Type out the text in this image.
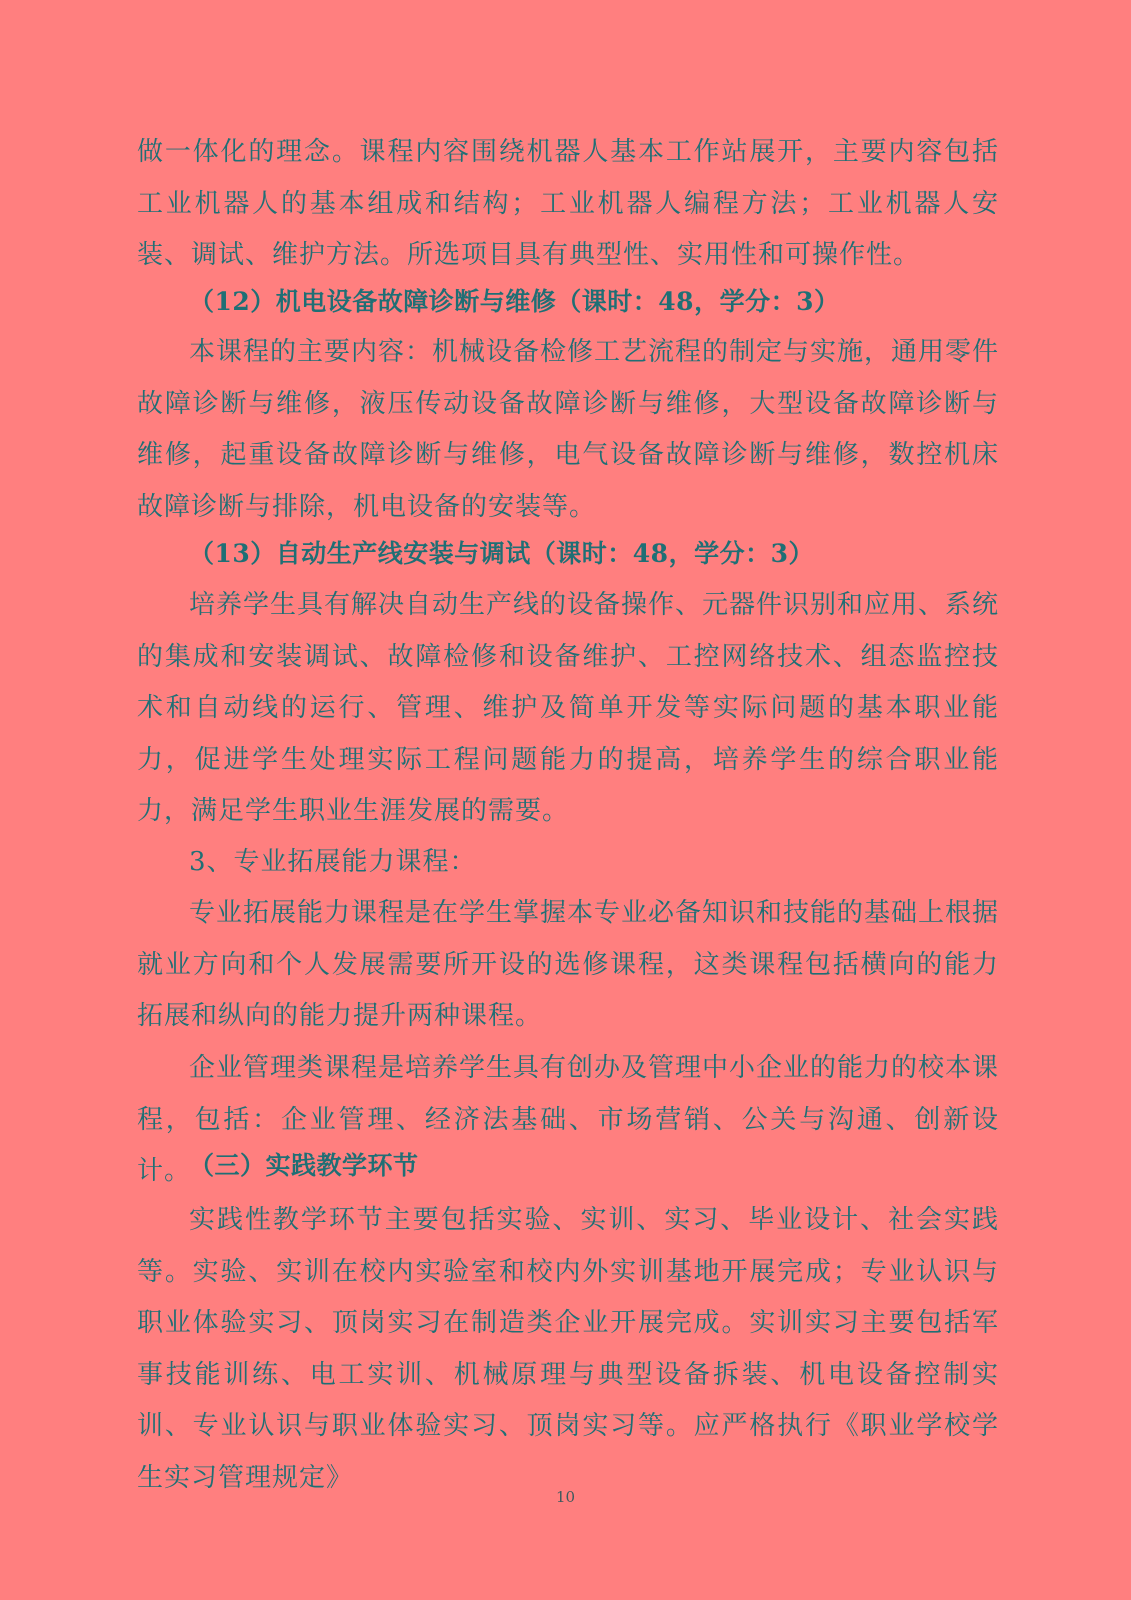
做一体化的理念。课程内容围绕机器人基本工作站展开，主要内容包括工业机器人的基本组成和结构；工业机器人编程方法；工业机器人安装、调试、维护方法。所选项目具有典型性、实用性和可操作性。

（12）机电设备故障诊断与维修（课时：48，学分：3）

本课程的主要内容：机械设备检修工艺流程的制定与实施，通用零件故障诊断与维修，液压传动设备故障诊断与维修，大型设备故障诊断与维修，起重设备故障诊断与维修，电气设备故障诊断与维修，数控机床故障诊断与排除，机电设备的安装等。

（13）自动生产线安装与调试（课时：48，学分：3）

培养学生具有解决自动生产线的设备操作、元器件识别和应用、系统的集成和安装调试、故障检修和设备维护、工控网络技术、组态监控技术和自动线的运行、管理、维护及简单开发等实际问题的基本职业能力，促进学生处理实际工程问题能力的提高，培养学生的综合职业能力，满足学生职业生涯发展的需要。

3、专业拓展能力课程：

专业拓展能力课程是在学生掌握本专业必备知识和技能的基础上根据就业方向和个人发展需要所开设的选修课程，这类课程包括横向的能力拓展和纵向的能力提升两种课程。

企业管理类课程是培养学生具有创办及管理中小企业的能力的校本课程，包括：企业管理、经济法基础、市场营销、公关与沟通、创新设计。

（三）实践教学环节

实践性教学环节主要包括实验、实训、实习、毕业设计、社会实践等。实验、实训在校内实验室和校内外实训基地开展完成；专业认识与职业体验实习、顶岗实习在制造类企业开展完成。实训实习主要包括军事技能训练、电工实训、机械原理与典型设备拆装、机电设备控制实训、专业认识与职业体验实习、顶岗实习等。应严格执行《职业学校学生实习管理规定》

10
